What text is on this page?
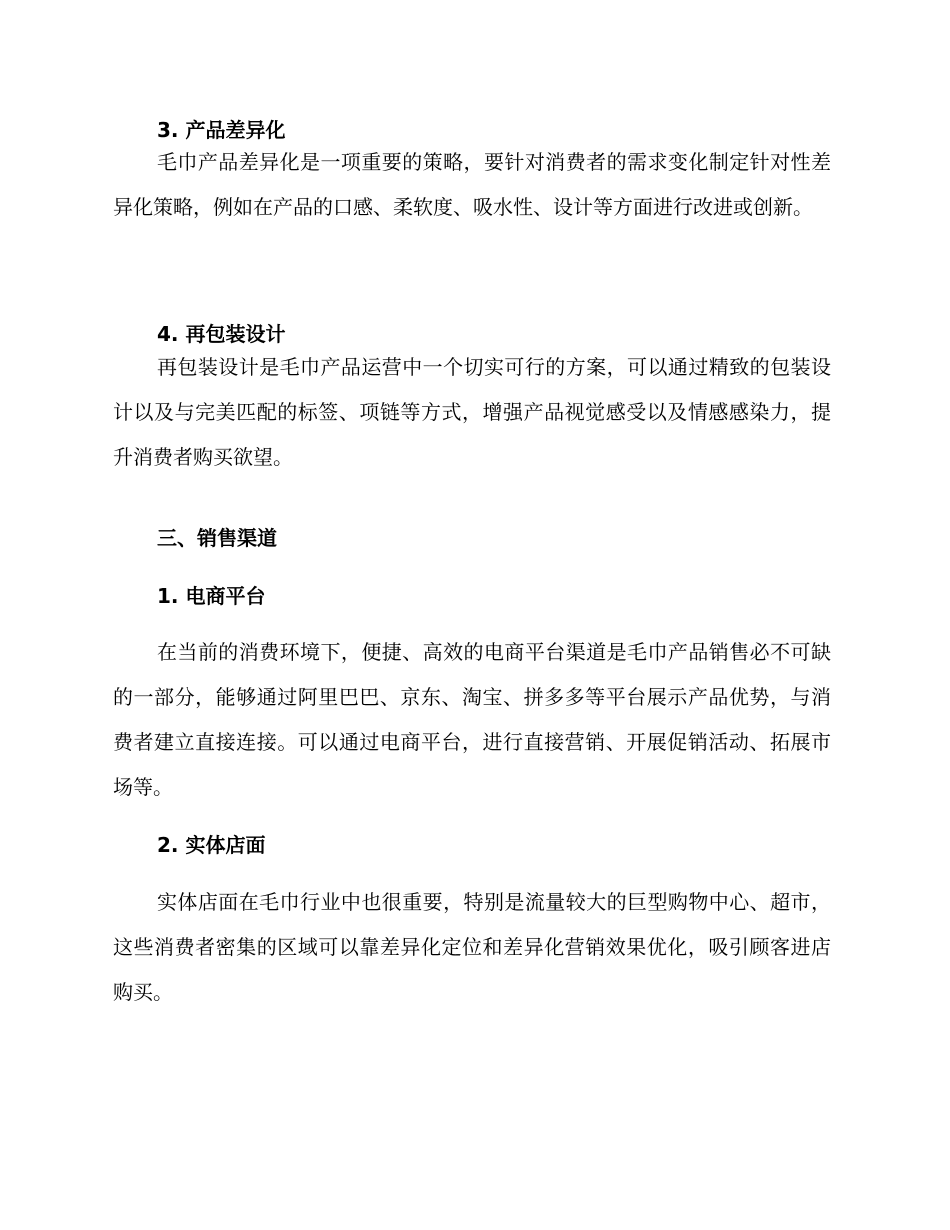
3. 产品差异化

毛巾产品差异化是一项重要的策略，要针对消费者的需求变化制定针对性差异化策略，例如在产品的口感、柔软度、吸水性、设计等方面进行改进或创新。

4. 再包装设计

再包装设计是毛巾产品运营中一个切实可行的方案，可以通过精致的包装设计以及与完美匹配的标签、项链等方式，增强产品视觉感受以及情感感染力，提升消费者购买欲望。

三、销售渠道
1. 电商平台

在当前的消费环境下，便捷、高效的电商平台渠道是毛巾产品销售必不可缺的一部分，能够通过阿里巴巴、京东、淘宝、拼多多等平台展示产品优势，与消费者建立直接连接。可以通过电商平台，进行直接营销、开展促销活动、拓展市场等。

2. 实体店面

实体店面在毛巾行业中也很重要，特别是流量较大的巨型购物中心、超市，这些消费者密集的区域可以靠差异化定位和差异化营销效果优化，吸引顾客进店购买。
